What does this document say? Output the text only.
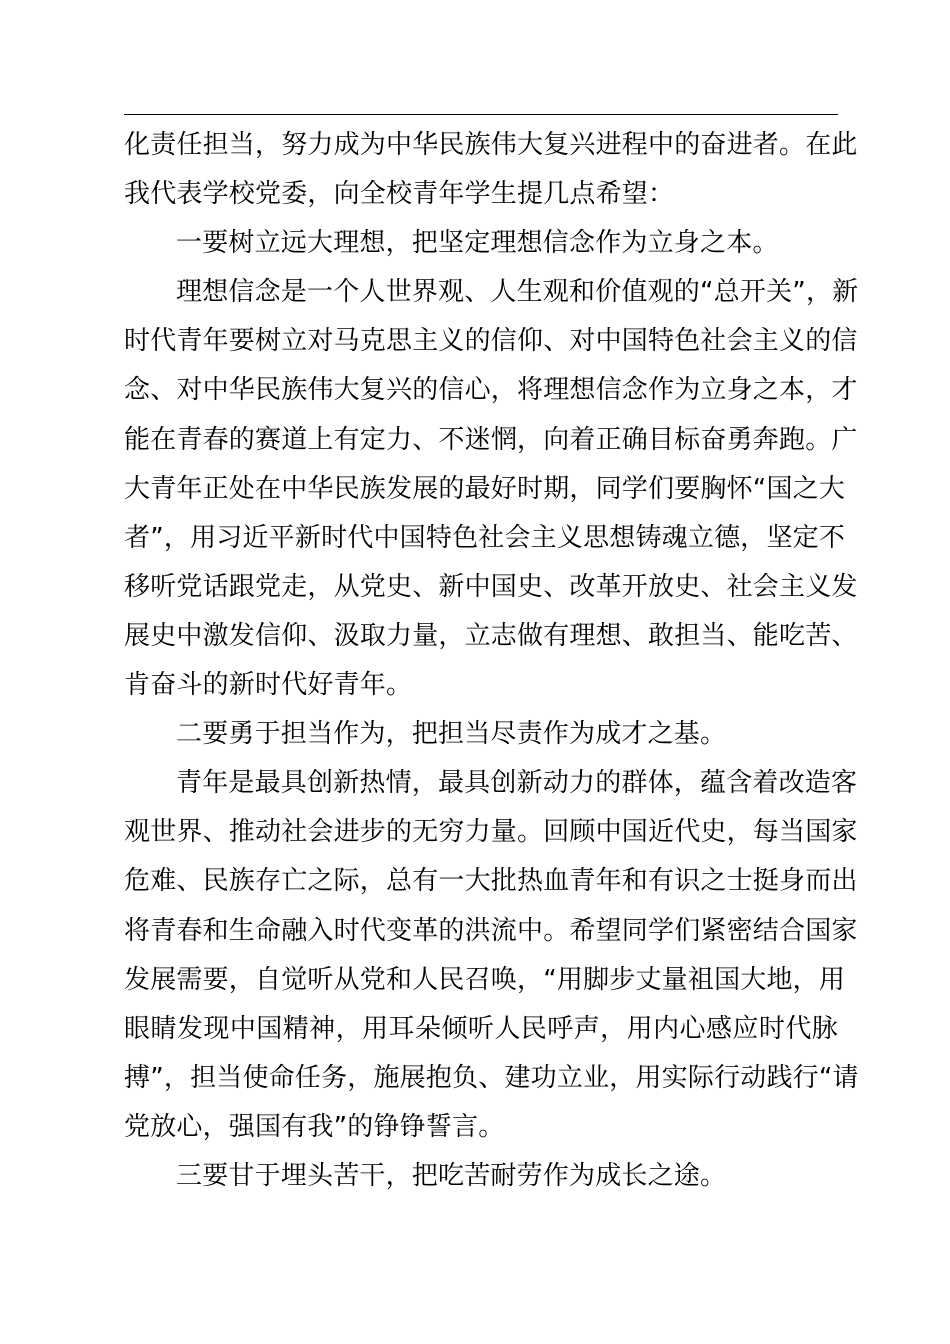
化责任担当，努力成为中华民族伟大复兴进程中的奋进者。在此
我代表学校党委，向全校青年学生提几点希望：
一要树立远大理想，把坚定理想信念作为立身之本。
理想信念是一个人世界观、人生观和价值观的“总开关”，新
时代青年要树立对马克思主义的信仰、对中国特色社会主义的信
念、对中华民族伟大复兴的信心，将理想信念作为立身之本，才
能在青春的赛道上有定力、不迷惘，向着正确目标奋勇奔跑。广
大青年正处在中华民族发展的最好时期，同学们要胸怀“国之大
者”，用习近平新时代中国特色社会主义思想铸魂立德，坚定不
移听党话跟党走，从党史、新中国史、改革开放史、社会主义发
展史中激发信仰、汲取力量，立志做有理想、敢担当、能吃苦、
肯奋斗的新时代好青年。
二要勇于担当作为，把担当尽责作为成才之基。
青年是最具创新热情，最具创新动力的群体，蕴含着改造客
观世界、推动社会进步的无穷力量。回顾中国近代史，每当国家
危难、民族存亡之际，总有一大批热血青年和有识之士挺身而出
将青春和生命融入时代变革的洪流中。希望同学们紧密结合国家
发展需要，自觉听从党和人民召唤，“用脚步丈量祖国大地，用
眼睛发现中国精神，用耳朵倾听人民呼声，用内心感应时代脉
搏”，担当使命任务，施展抱负、建功立业，用实际行动践行“请
党放心，强国有我”的铮铮誓言。
三要甘于埋头苦干，把吃苦耐劳作为成长之途。
